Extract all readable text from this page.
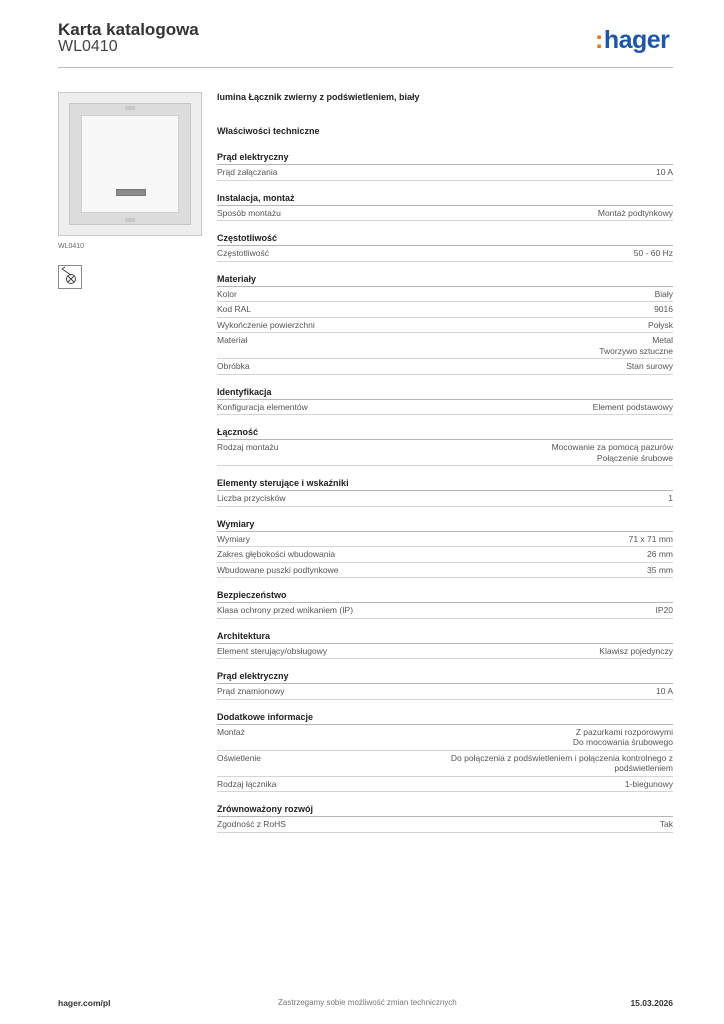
Karta katalogowa
WL0410	:hager
WL0410
lumina Łącznik zwierny z podświetleniem, biały
Właściwości techniczne
Prąd elektryczny
Prąd załączania	10 A
Instalacja, montaż
Sposób montażu	Montaż podtynkowy
Częstotliwość
Częstotliwość	50 - 60 Hz
Materiały
Kolor	Biały
Kod RAL	9016
Wykończenie powierzchni	Połysk
Materiał	Metal
Tworzywo sztuczne
Obróbka	Stan surowy
Identyfikacja
Konfiguracja elementów	Element podstawowy
Łączność
Rodzaj montażu	Mocowanie za pomocą pazurów
Połączenie śrubowe
Elementy sterujące i wskaźniki
Liczba przycisków	1
Wymiary
Wymiary	71 x 71 mm
Zakres głębokości wbudowania	26 mm
Wbudowane puszki podtynkowe	35 mm
Bezpieczeństwo
Klasa ochrony przed wnikaniem (IP)	IP20
Architektura
Element sterujący/obsługowy	Klawisz pojedynczy
Prąd elektryczny
Prąd znamionowy	10 A
Dodatkowe informacje
Montaż	Z pazurkami rozporowymi
Do mocowania śrubowego
Oświetlenie	Do połączenia z podświetleniem i połączenia kontrolnego z
podświetleniem
Rodzaj łącznika	1-biegunowy
Zrównoważony rozwój
Zgodność z RoHS	Tak
hager.com/pl	Zastrzegamy sobie możliwość zmian technicznych	15.03.2026
